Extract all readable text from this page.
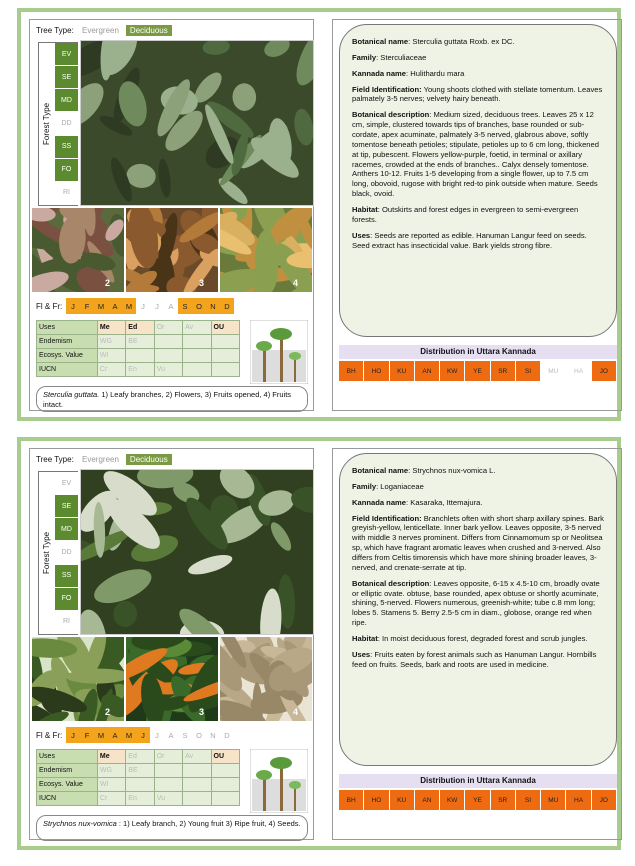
Tree Type:	Evergreen	Deciduous
Forest Type
EV
SE
MD
DD
SS
FO
RI
2	3	4
Fl & Fr:	J	F	M	A	M	J	J	A	S	O	N	D
Uses	Me	Ed	Or	Av	OU
Endemism	WG	BE			
Ecosys. Value	WI				
IUCN	Cr	En	Vu		
Sterculia guttata. 1) Leafy branches, 2) Flowers, 3) Fruits opened, 4) Fruits intact.

Botanical name: Sterculia guttata Roxb. ex DC.

Family: Sterculiaceae

Kannada name: Hulithardu mara

Field Identification: Young shoots clothed with stellate tomentum. Leaves palmately 3-5 nerves; velvety hairy beneath.

Botanical description: Medium sized, deciduous trees. Leaves 25 x 12 cm, simple, clustered towards tips of branches, base rounded or sub-cordate, apex acuminate, palmately 3-5 nerved, glabrous above, softly tomentose beneath petioles; stipulate, petioles up to 6 cm long, thickened at tip, pubescent. Flowers yellow-purple, foetid, in terminal or axillary racemes, crowded at the ends of branches.. Calyx densely tomentose. Anthers 10-12. Fruits 1-5 developing from a single flower, up to 7.5 cm long, obovoid, rugose with bright red-to pink outside when mature. Seeds black, ovoid.

Habitat: Outskirts and forest edges in evergreen to semi-evergreen forests.

Uses: Seeds are reported as edible. Hanuman Langur feed on seeds. Seed extract has insecticidal value. Bark yields strong fibre.

Distribution in Uttara Kannada
BH	HO	KU	AN	KW	YE	SR	SI	MU	HA	JO
Tree Type:	Evergreen	Deciduous
Forest Type
EV
SE
MD
DD
SS
FO
RI
2	3	4
Fl & Fr:	J	F	M	A	M	J	J	A	S	O	N	D
Uses	Me	Ed	Or	Av	OU
Endemism	WG	BE			
Ecosys. Value	WI				
IUCN	Cr	En	Vu		
Strychnos nux-vomica : 1) Leafy branch, 2) Young fruit 3) Ripe fruit, 4) Seeds.

Botanical name: Strychnos nux-vomica L.

Family: Loganiaceae

Kannada name: Kasaraka, Ittemajura.

Field Identification: Branchlets often with short sharp axillary spines. Bark greyish-yellow, lenticellate. Inner bark yellow. Leaves opposite, 3-5 nerved with middle 3 nerves prominent. Differs from Cinnamomum sp or Neolitsea sp, which have fragrant aromatic leaves when crushed and 3-nerved. Also differs from Celtis timorensis which have more shining broader leaves, 3-nerved, and crenate-serrate at tip.

Botanical description: Leaves opposite, 6-15 x 4.5-10 cm, broadly ovate or elliptic ovate. obtuse, base rounded, apex obtuse or shortly acuminate, shining, 5-nerved. Flowers numerous, greenish-white; tube c.8 mm long; lobes 5. Stamens 5. Berry 2.5-5 cm in diam., globose, orange red when ripe.

Habitat: In moist deciduous forest, degraded forest and scrub jungles.

Uses: Fruits eaten by forest animals such as Hanuman Langur. Hornbills feed on fruits. Seeds, bark and roots are used in medicine.

Distribution in Uttara Kannada
BH	HO	KU	AN	KW	YE	SR	SI	MU	HA	JO
